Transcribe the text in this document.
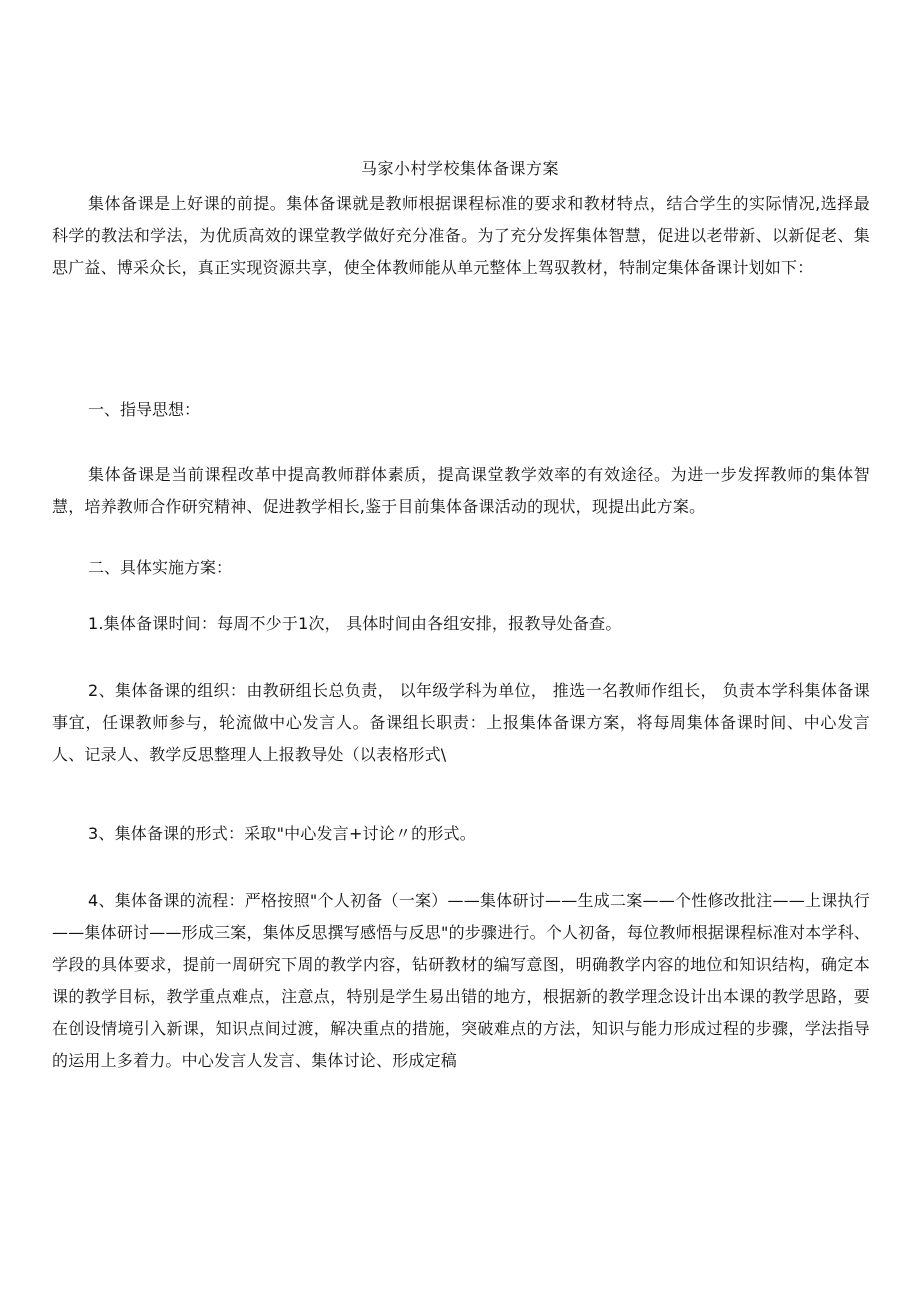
马家小村学校集体备课方案

集体备课是上好课的前提。集体备课就是教师根据课程标准的要求和教材特点，结合学生的实际情况,选择最科学的教法和学法，为优质高效的课堂教学做好充分准备。为了充分发挥集体智慧，促进以老带新、以新促老、集思广益、博采众长，真正实现资源共享，使全体教师能从单元整体上驾驭教材，特制定集体备课计划如下：

一、指导思想：

集体备课是当前课程改革中提高教师群体素质，提高课堂教学效率的有效途径。为进一步发挥教师的集体智慧，培养教师合作研究精神、促进教学相长,鉴于目前集体备课活动的现状，现提出此方案。

二、具体实施方案：

1.集体备课时间：每周不少于1次， 具体时间由各组安排，报教导处备查。

2、集体备课的组织：由教研组长总负责， 以年级学科为单位， 推选一名教师作组长， 负责本学科集体备课事宜，任课教师参与，轮流做中心发言人。备课组长职责：上报集体备课方案，将每周集体备课时间、中心发言人、记录人、教学反思整理人上报教导处（以表格形式\

3、集体备课的形式：采取"中心发言+讨论〃的形式。

4、集体备课的流程：严格按照"个人初备（一案）——集体研讨——生成二案——个性修改批注——上课执行——集体研讨——形成三案，集体反思撰写感悟与反思"的步骤进行。个人初备，每位教师根据课程标准对本学科、学段的具体要求，提前一周研究下周的教学内容，钻研教材的编写意图，明确教学内容的地位和知识结构，确定本课的教学目标，教学重点难点，注意点，特别是学生易出错的地方，根据新的教学理念设计出本课的教学思路，要在创设情境引入新课，知识点间过渡，解决重点的措施，突破难点的方法，知识与能力形成过程的步骤，学法指导的运用上多着力。中心发言人发言、集体讨论、形成定稿
